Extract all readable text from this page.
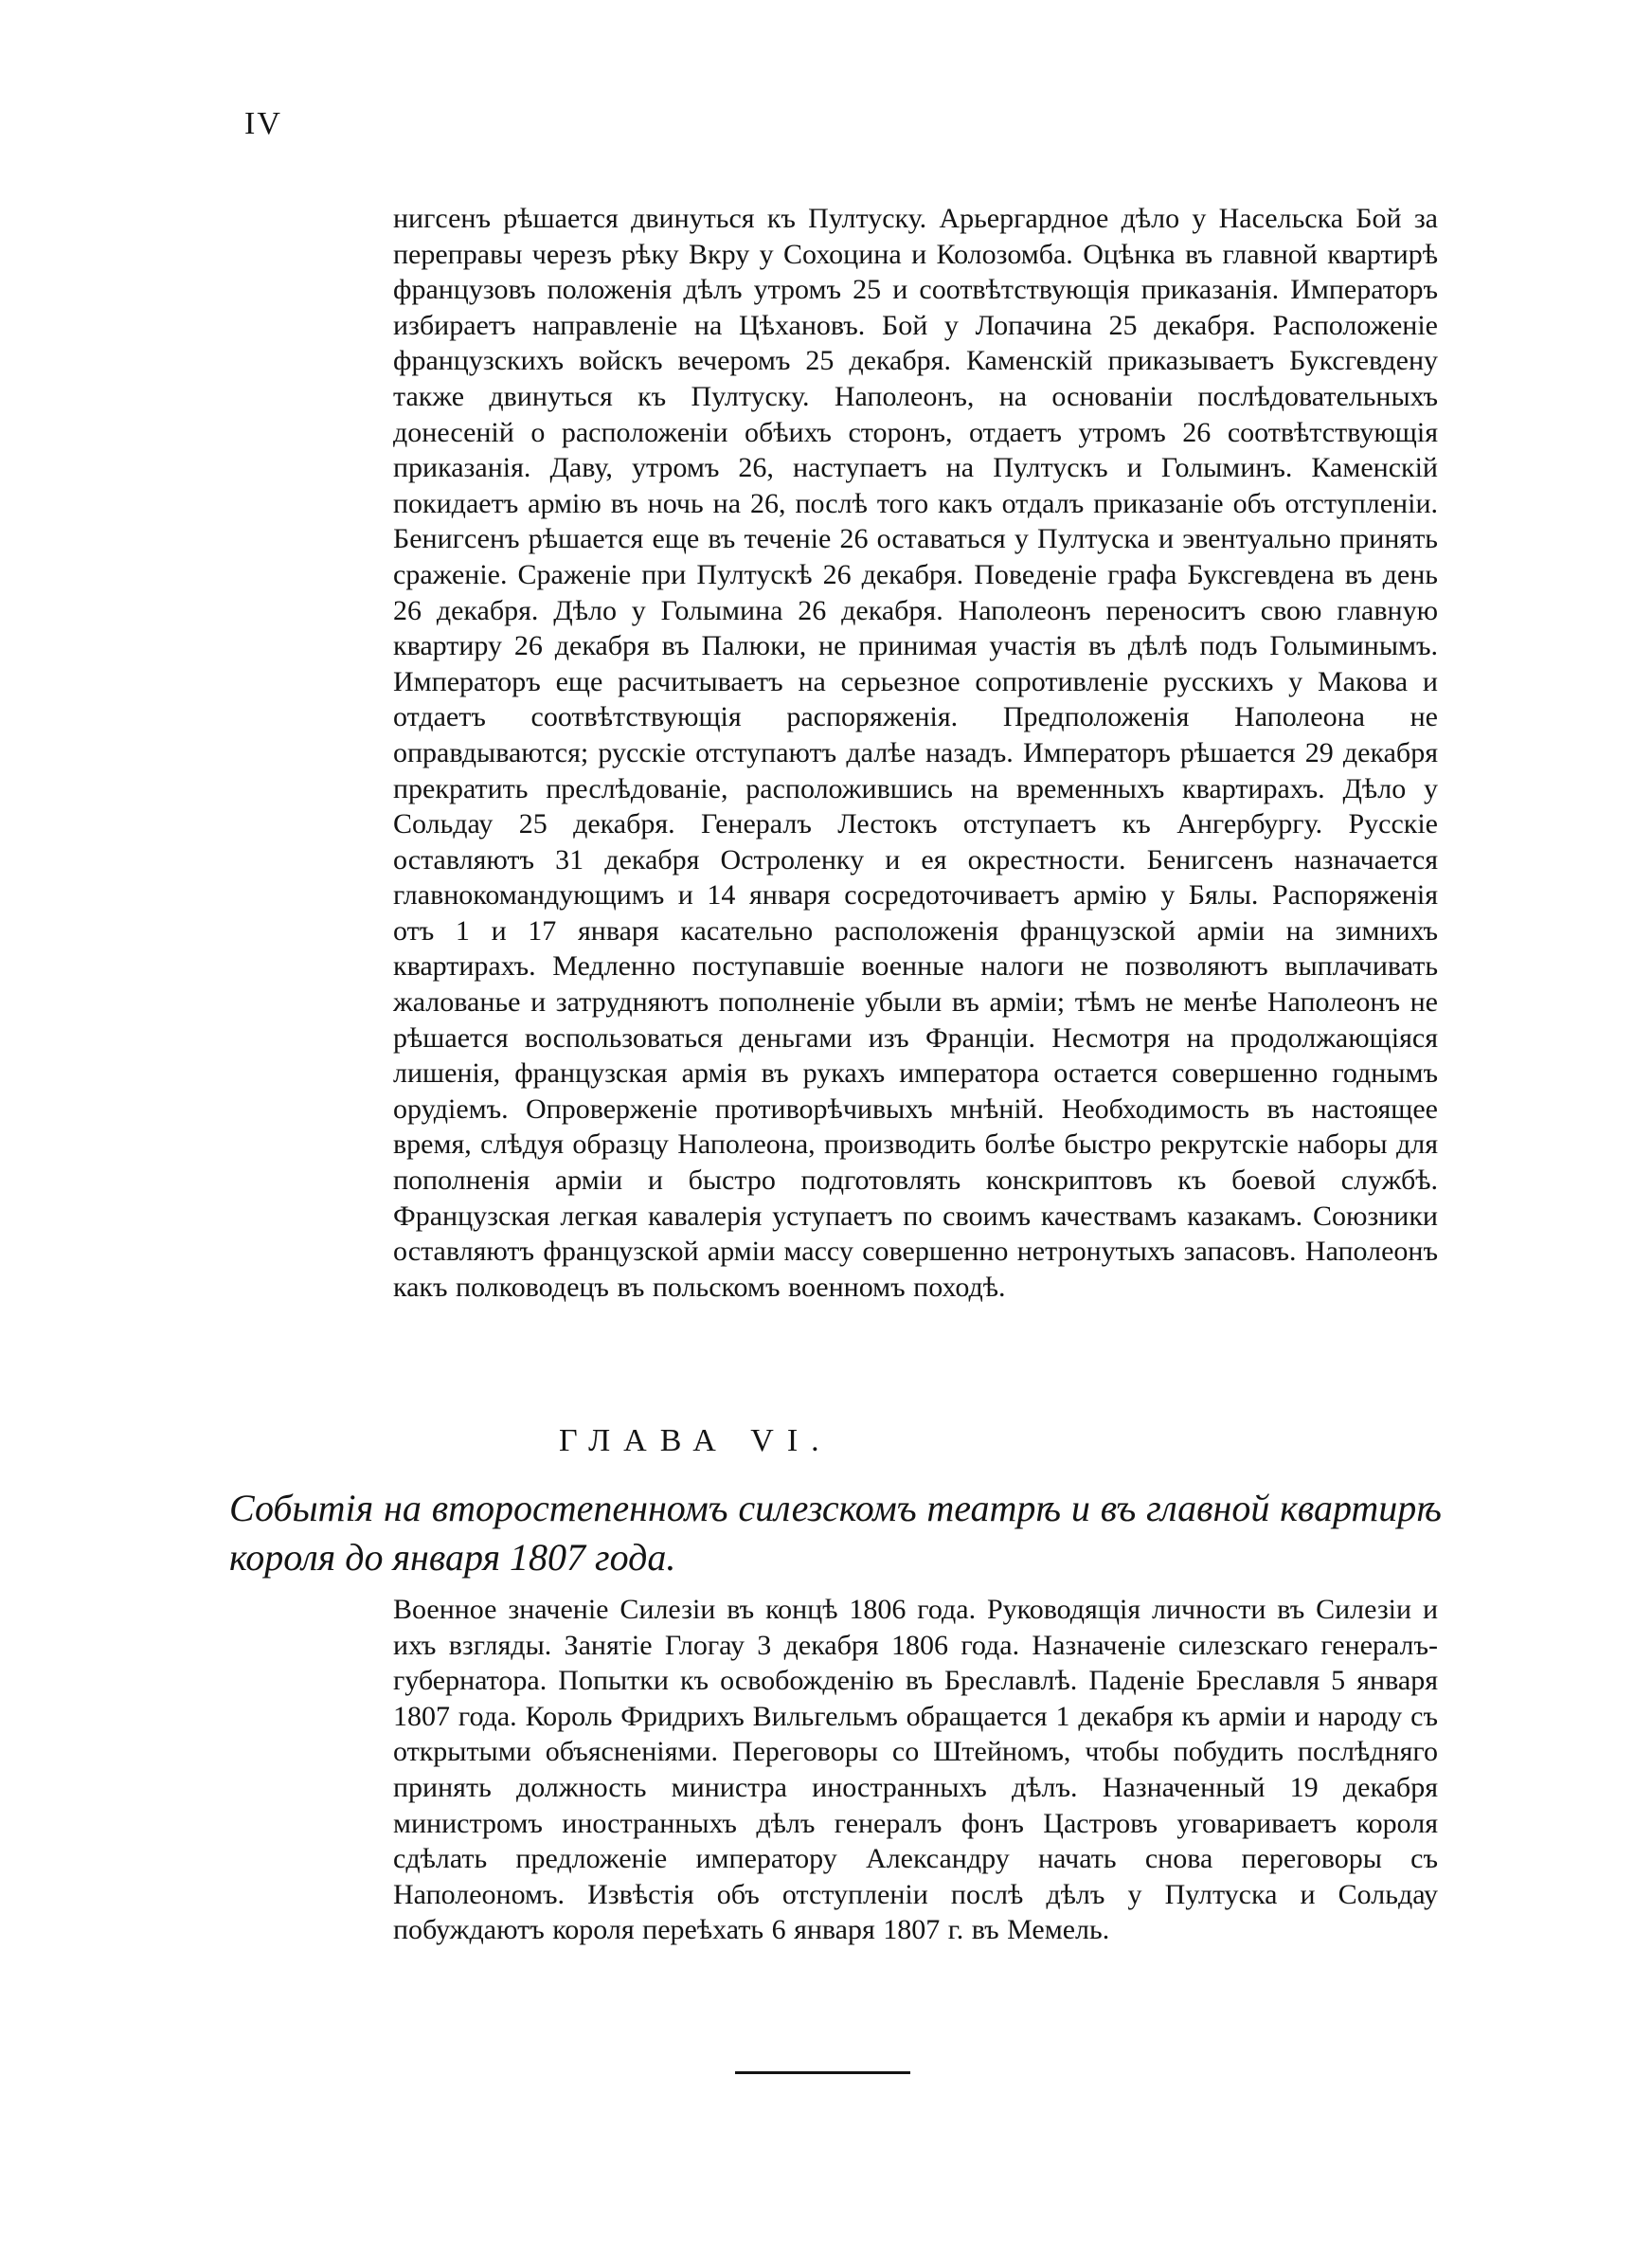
IV

нигсенъ рѣшается двинуться къ Пултуску. Арьергардное дѣло у Насельска Бой за переправы черезъ рѣку Вкру у Сохоцина и Колозомба. Оцѣнка въ главной квартирѣ французовъ положенія дѣлъ утромъ 25 и соотвѣтствующія приказанія. Императоръ избираетъ направленіе на Цѣхановъ. Бой у Лопачина 25 декабря. Расположеніе французскихъ войскъ вечеромъ 25 декабря. Каменскій приказываетъ Буксгевдену также двинуться къ Пултуску. Наполеонъ, на основаніи послѣдовательныхъ донесеній о расположеніи обѣихъ сторонъ, отдаетъ утромъ 26 соотвѣтствующія приказанія. Даву, утромъ 26, наступаетъ на Пултускъ и Голыминъ. Каменскій покидаетъ армію въ ночь на 26, послѣ того какъ отдалъ приказаніе объ отступленіи. Бенигсенъ рѣшается еще въ теченіе 26 оставаться у Пултуска и эвентуально принять сраженіе. Сраженіе при Пултускѣ 26 декабря. Поведеніе графа Буксгевдена въ день 26 декабря. Дѣло у Голымина 26 декабря. Наполеонъ переноситъ свою главную квартиру 26 декабря въ Палюки, не принимая участія въ дѣлѣ подъ Голыминымъ. Императоръ еще расчитываетъ на серьезное сопротивленіе русскихъ у Макова и отдаетъ соотвѣтствующія распоряженія. Предположенія Наполеона не оправдываются; русскіе отступаютъ далѣе назадъ. Императоръ рѣшается 29 декабря прекратить преслѣдованіе, расположившись на временныхъ квартирахъ. Дѣло у Сольдау 25 декабря. Генералъ Лестокъ отступаетъ къ Ангербургу. Русскіе оставляютъ 31 декабря Остроленку и ея окрестности. Бенигсенъ назначается главнокомандующимъ и 14 января сосредоточиваетъ армію у Бялы. Распоряженія отъ 1 и 17 января касательно расположенія французской арміи на зимнихъ квартирахъ. Медленно поступавшіе военные налоги не позволяютъ выплачивать жалованье и затрудняютъ пополненіе убыли въ арміи; тѣмъ не менѣе Наполеонъ не рѣшается воспользоваться деньгами изъ Франціи. Несмотря на продолжающіяся лишенія, французская армія въ рукахъ императора остается совершенно годнымъ орудіемъ. Опроверженіе противорѣчивыхъ мнѣній. Необходимость въ настоящее время, слѣдуя образцу Наполеона, производить болѣе быстро рекрутскіе наборы для пополненія арміи и быстро подготовлять конскриптовъ къ боевой службѣ. Французская легкая кавалерія уступаетъ по своимъ качествамъ казакамъ. Союзники оставляютъ французской арміи массу совершенно нетронутыхъ запасовъ. Наполеонъ какъ полководецъ въ польскомъ военномъ походѣ.

ГЛАВА VI.
Событія на второстепенномъ силезскомъ театрѣ и въ главной квартирѣ короля до января 1807 года.

Военное значеніе Силезіи въ концѣ 1806 года. Руководящія личности въ Силезіи и ихъ взгляды. Занятіе Глогау 3 декабря 1806 года. Назначеніе силезскаго генералъ-губернатора. Попытки къ освобожденію въ Бреславлѣ. Паденіе Бреславля 5 января 1807 года. Король Фридрихъ Вильгельмъ обращается 1 декабря къ арміи и народу съ открытыми объясненіями. Переговоры со Штейномъ, чтобы побудить послѣдняго принять должность министра иностранныхъ дѣлъ. Назначенный 19 декабря министромъ иностранныхъ дѣлъ генералъ фонъ Цастровъ уговариваетъ короля сдѣлать предложеніе императору Александру начать снова переговоры съ Наполеономъ. Извѣстія объ отступленіи послѣ дѣлъ у Пултуска и Сольдау побуждаютъ короля переѣхать 6 января 1807 г. въ Мемель.
